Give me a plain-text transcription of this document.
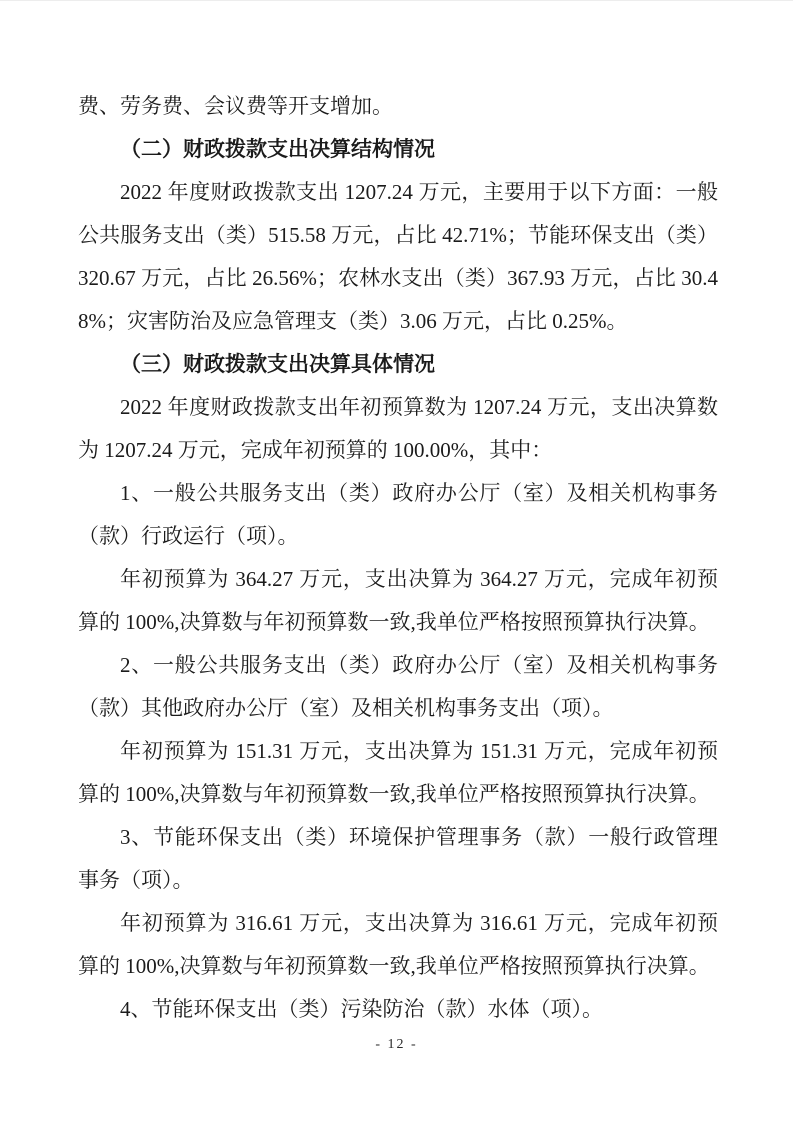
费、劳务费、会议费等开支增加。

（二）财政拨款支出决算结构情况

2022 年度财政拨款支出 1207.24 万元，主要用于以下方面：一般公共服务支出（类）515.58 万元，占比 42.71%；节能环保支出（类）320.67 万元，占比 26.56%；农林水支出（类）367.93 万元，占比 30.48%；灾害防治及应急管理支（类）3.06 万元，占比 0.25%。

（三）财政拨款支出决算具体情况

2022 年度财政拨款支出年初预算数为 1207.24 万元，支出决算数为 1207.24 万元，完成年初预算的 100.00%，其中：

1、一般公共服务支出（类）政府办公厅（室）及相关机构事务（款）行政运行（项）。

年初预算为 364.27 万元，支出决算为 364.27 万元，完成年初预算的 100%,决算数与年初预算数一致,我单位严格按照预算执行决算。

2、一般公共服务支出（类）政府办公厅（室）及相关机构事务（款）其他政府办公厅（室）及相关机构事务支出（项）。

年初预算为 151.31 万元，支出决算为 151.31 万元，完成年初预算的 100%,决算数与年初预算数一致,我单位严格按照预算执行决算。

3、节能环保支出（类）环境保护管理事务（款）一般行政管理事务（项）。

年初预算为 316.61 万元，支出决算为 316.61 万元，完成年初预算的 100%,决算数与年初预算数一致,我单位严格按照预算执行决算。

4、节能环保支出（类）污染防治（款）水体（项）。

- 12 -
